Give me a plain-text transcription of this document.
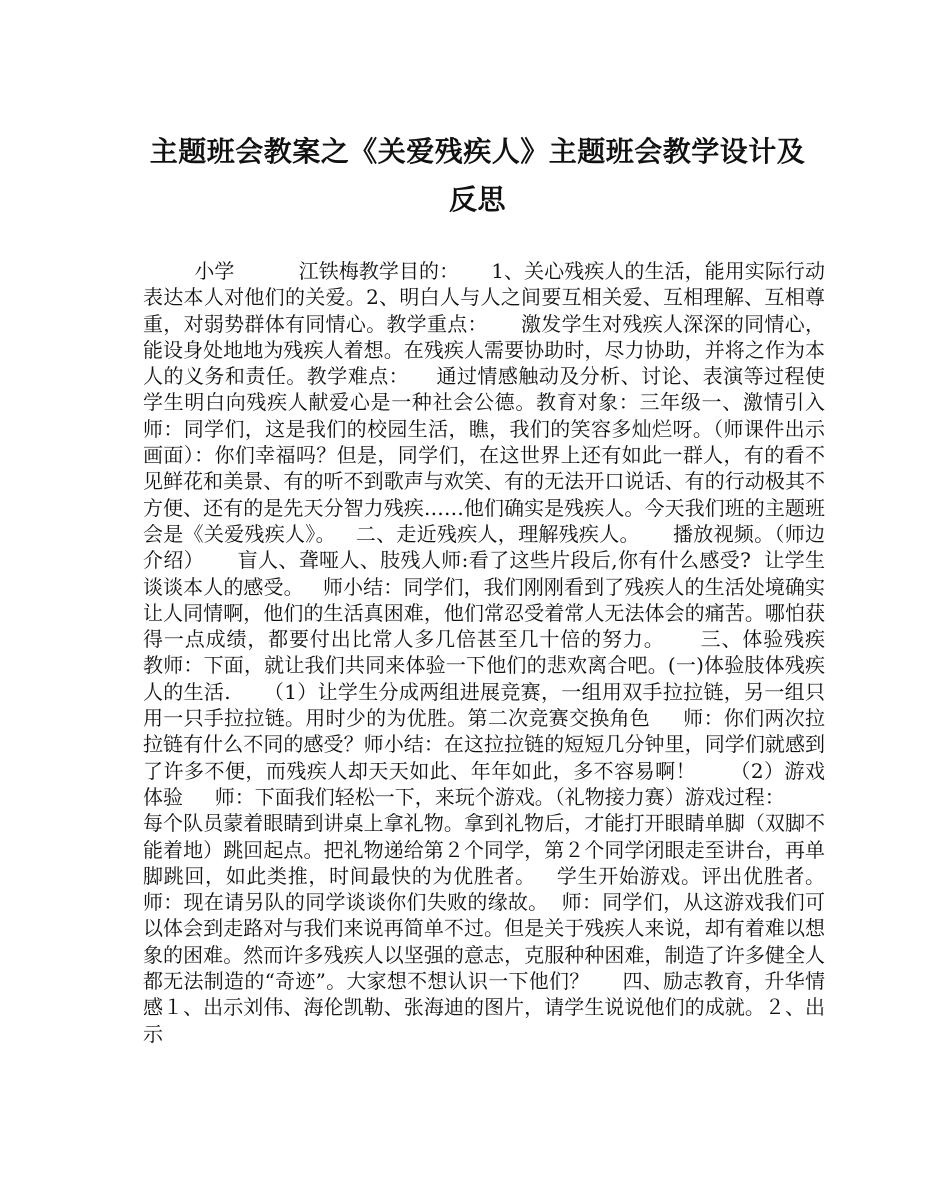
主题班会教案之《关爱残疾人》主题班会教学设计及反思
小学          江铁梅教学目的：     1、关心残疾人的生活，能用实际行动表达本人对他们的关爱。2、明白人与人之间要互相关爱、互相理解、互相尊重，对弱势群体有同情心。教学重点：     激发学生对残疾人深深的同情心，能设身处地地为残疾人着想。在残疾人需要协助时，尽力协助，并将之作为本人的义务和责任。教学难点：    通过情感触动及分析、讨论、表演等过程使学生明白向残疾人献爱心是一种社会公德。教育对象：三年级一、激情引入     师：同学们，这是我们的校园生活，瞧，我们的笑容多灿烂呀。（师课件出示画面）：你们幸福吗？但是，同学们，在这世界上还有如此一群人，有的看不见鲜花和美景、有的听不到歌声与欢笑、有的无法开口说话、有的行动极其不方便、还有的是先天分智力残疾……他们确实是残疾人。今天我们班的主题班会是《关爱残疾人》。   二、走近残疾人，理解残疾人。     播放视频。（师边介绍）     盲人、聋哑人、肢残人师:看了这些片段后,你有什么感受?  让学生谈谈本人的感受。   师小结：同学们，我们刚刚看到了残疾人的生活处境确实让人同情啊，他们的生活真困难，他们常忍受着常人无法体会的痛苦。哪怕获得一点成绩，都要付出比常人多几倍甚至几十倍的努力。     三、体验残疾     教师：下面，就让我们共同来体验一下他们的悲欢离合吧。(一)体验肢体残疾人的生活.     （1）让学生分成两组进展竞赛，一组用双手拉拉链，另一组只用一只手拉拉链。用时少的为优胜。第二次竞赛交换角色     师：你们两次拉拉链有什么不同的感受？师小结：在这拉拉链的短短几分钟里，同学们就感到了许多不便，而残疾人却天天如此、年年如此，多不容易啊！     （2）游戏体验     师：下面我们轻松一下，来玩个游戏。（礼物接力赛）游戏过程：
每个队员蒙着眼睛到讲桌上拿礼物。拿到礼物后，才能打开眼睛单脚（双脚不能着地）跳回起点。把礼物递给第２个同学，第２个同学闭眼走至讲台，再单脚跳回，如此类推，时间最快的为优胜者。   学生开始游戏。评出优胜者。   师：现在请另队的同学谈谈你们失败的缘故。  师：同学们，从这游戏我们可以体会到走路对与我们来说再简单不过。但是关于残疾人来说，却有着难以想象的困难。然而许多残疾人以坚强的意志，克服种种困难，制造了许多健全人都无法制造的“奇迹”。大家想不想认识一下他们？     四、励志教育，升华情感１、出示刘伟、海伦凯勒、张海迪的图片，请学生说说他们的成就。２、出示
